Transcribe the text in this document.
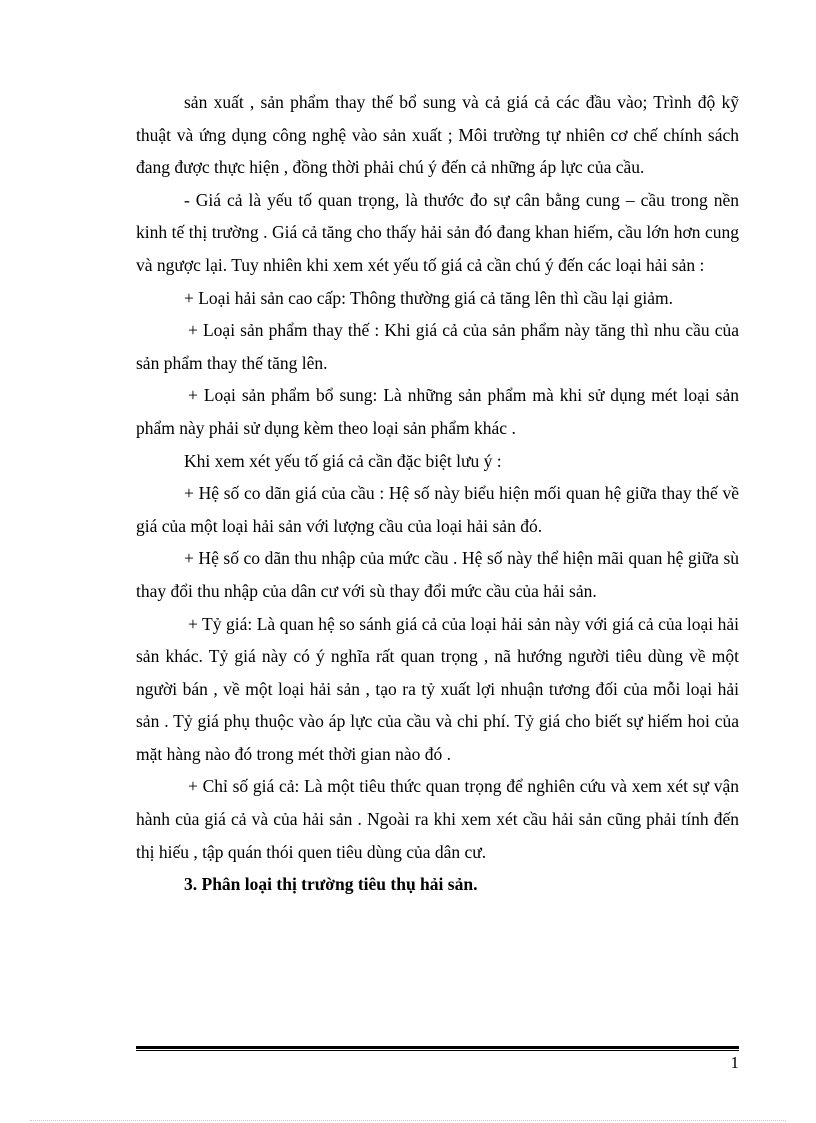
sản xuất , sản phẩm thay thế bổ sung và cả giá cả các đầu vào; Trình độ kỹ thuật và ứng dụng công nghệ vào sản xuất ; Môi trường tự nhiên cơ chế chính sách đang được thực hiện , đồng thời phải chú ý đến cả những áp lực của cầu.

- Giá cả là yếu tố quan trọng, là thước đo sự cân bằng cung – cầu trong nền kinh tế thị trường . Giá cả tăng cho thấy hải sản đó đang khan hiếm, cầu lớn hơn cung và ngược lại. Tuy nhiên khi xem xét yếu tố giá cả cần chú ý đến các loại hải sản :

+ Loại hải sản cao cấp: Thông thường giá cả tăng lên thì cầu lại giảm.

+ Loại sản phẩm thay thế : Khi giá cả của sản phẩm này tăng thì nhu cầu của sản phẩm thay thế tăng lên.

+ Loại sản phẩm bổ sung: Là những sản phẩm mà khi sử dụng mét loại sản phẩm này phải sử dụng kèm theo loại sản phẩm khác .

Khi xem xét yếu tố giá cả cần đặc biệt lưu ý :

+ Hệ số co dãn giá của cầu : Hệ số này biểu hiện mối quan hệ giữa thay thế về giá của một loại hải sản với lượng cầu của loại hải sản đó.

+ Hệ số co dãn thu nhập của mức cầu . Hệ số này thể hiện mãi quan hệ giữa sù thay đổi thu nhập của dân cư với sù thay đổi mức cầu của hải sản.

+ Tỷ giá: Là quan hệ so sánh giá cả của loại hải sản này với giá cả của loại hải sản khác. Tỷ giá này có ý nghĩa rất quan trọng , nã hướng người tiêu dùng về một người bán , về một loại hải sản , tạo ra tỷ xuất lợi nhuận tương đối của mỗi loại hải sản . Tỷ giá phụ thuộc vào áp lực của cầu và chi phí. Tỷ giá cho biết sự hiếm hoi của mặt hàng nào đó trong mét thời gian nào đó .

+ Chỉ số giá cả: Là một tiêu thức quan trọng để nghiên cứu và xem xét sự vận hành của giá cả và của hải sản . Ngoài ra khi xem xét cầu hải sản cũng phải tính đến thị hiếu , tập quán thói quen tiêu dùng của dân cư.

3. Phân loại thị trường tiêu thụ hải sản.

1
